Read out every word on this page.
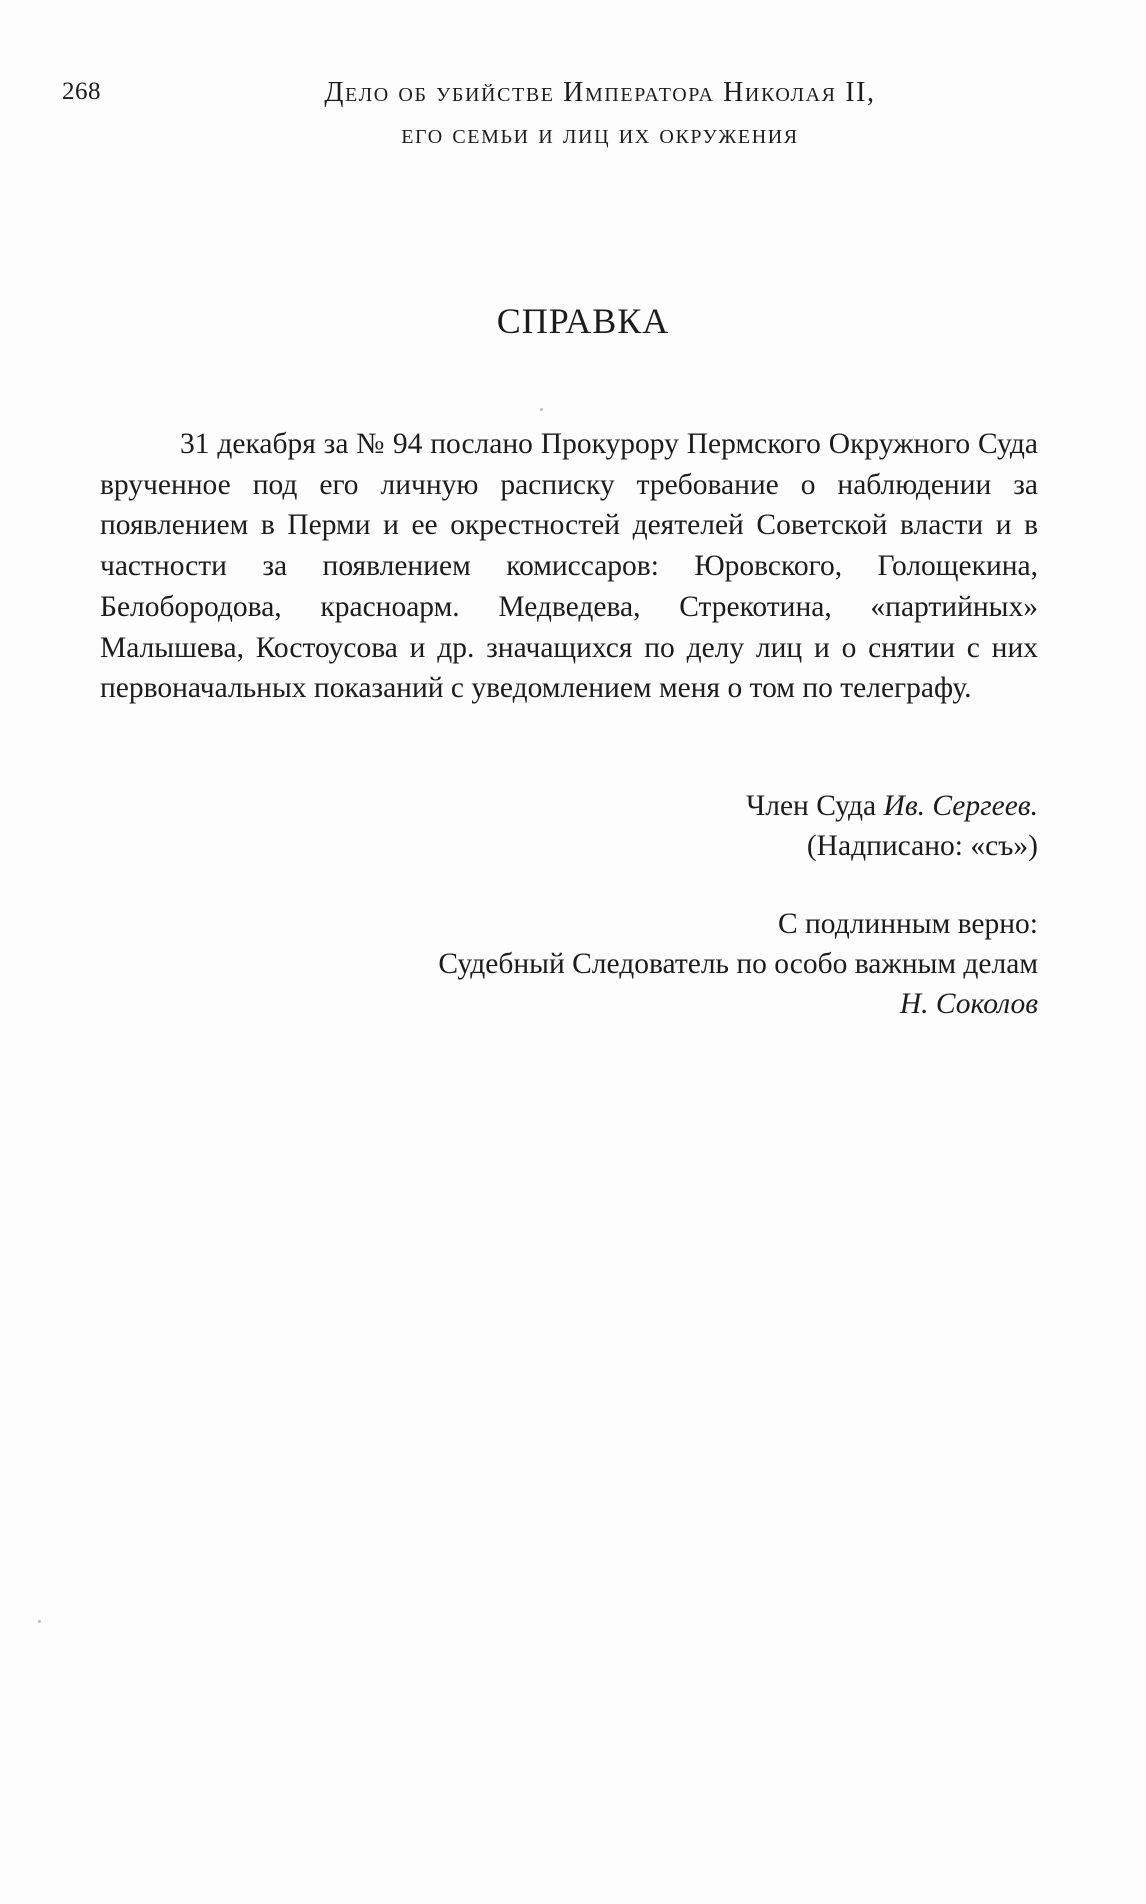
268	Дело об убийстве Императора Николая II,
его семьи и лиц их окружения
СПРАВКА
31 декабря за № 94 послано Прокурору Пермского Окружного Суда врученное под его личную расписку требование о наблюдении за появлением в Перми и ее окрестностей деятелей Советской власти и в частности за появлением комиссаров: Юровского, Голощекина, Белобородова, красноарм. Медведева, Стрекотина, «партийных» Малышева, Костоусова и др. значащихся по делу лиц и о снятии с них первоначальных показаний с уведомлением меня о том по телеграфу.
Член Суда Ив. Сергеев.
(Надписано: «съ»)
С подлинным верно:
Судебный Следователь по особо важным делам
Н. Соколов
